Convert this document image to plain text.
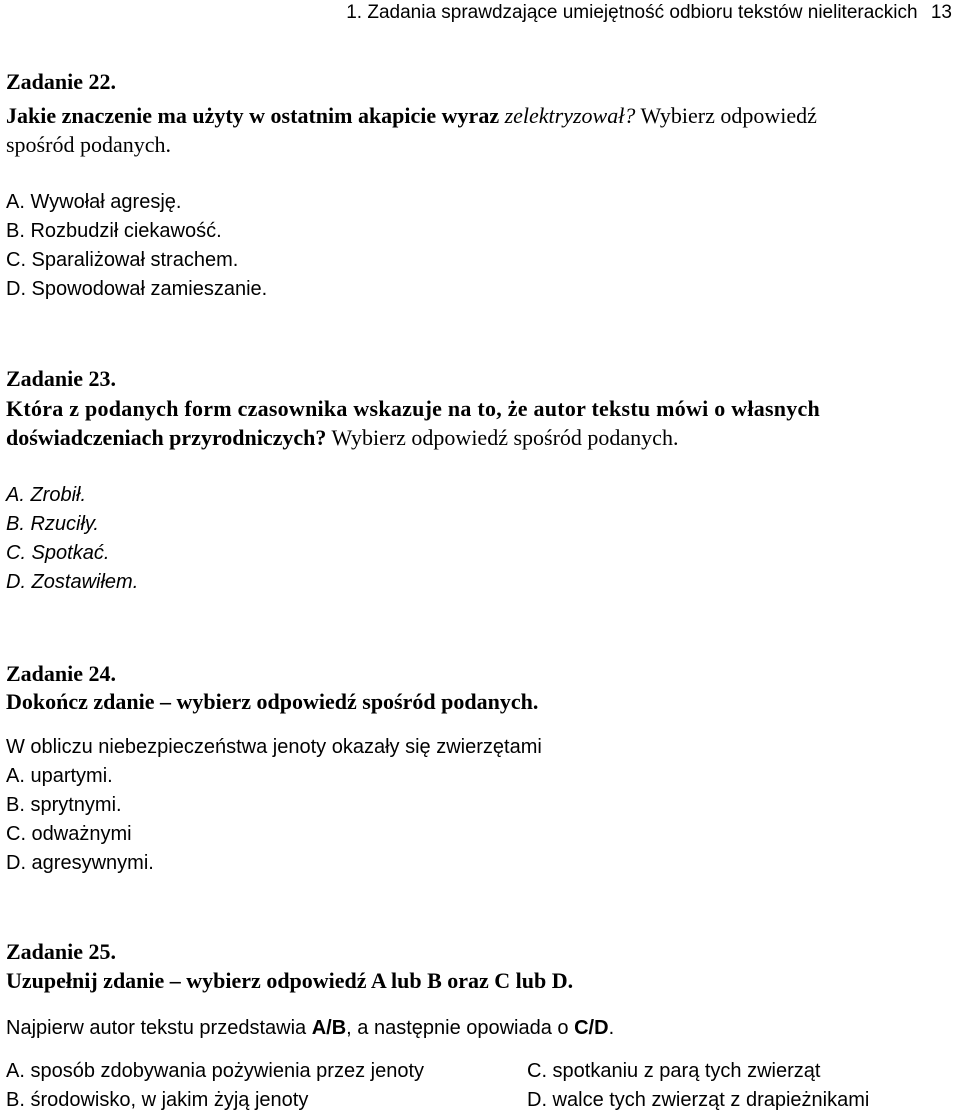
1. Zadania sprawdzające umiejętność odbioru tekstów nieliterackich 13
Zadanie 22.
Jakie znaczenie ma użyty w ostatnim akapicie wyraz zelektryzował? Wybierz odpowiedź
spośród podanych.
A. Wywołał agresję.
B. Rozbudził ciekawość.
C. Sparaliżował strachem.
D. Spowodował zamieszanie.
Zadanie 23.
Która z podanych form czasownika wskazuje na to, że autor tekstu mówi o własnych
doświadczeniach przyrodniczych? Wybierz odpowiedź spośród podanych.
A. Zrobił.
B. Rzuciły.
C. Spotkać.
D. Zostawiłem.
Zadanie 24.
Dokończ zdanie – wybierz odpowiedź spośród podanych.
W obliczu niebezpieczeństwa jenoty okazały się zwierzętami
A. upartymi.
B. sprytnymi.
C. odważnymi
D. agresywnymi.
Zadanie 25.
Uzupełnij zdanie – wybierz odpowiedź A lub B oraz C lub D.
Najpierw autor tekstu przedstawia A/B, a następnie opowiada o C/D.
A. sposób zdobywania pożywienia przez jenoty
B. środowisko, w jakim żyją jenoty
C. spotkaniu z parą tych zwierząt
D. walce tych zwierząt z drapieżnikami
